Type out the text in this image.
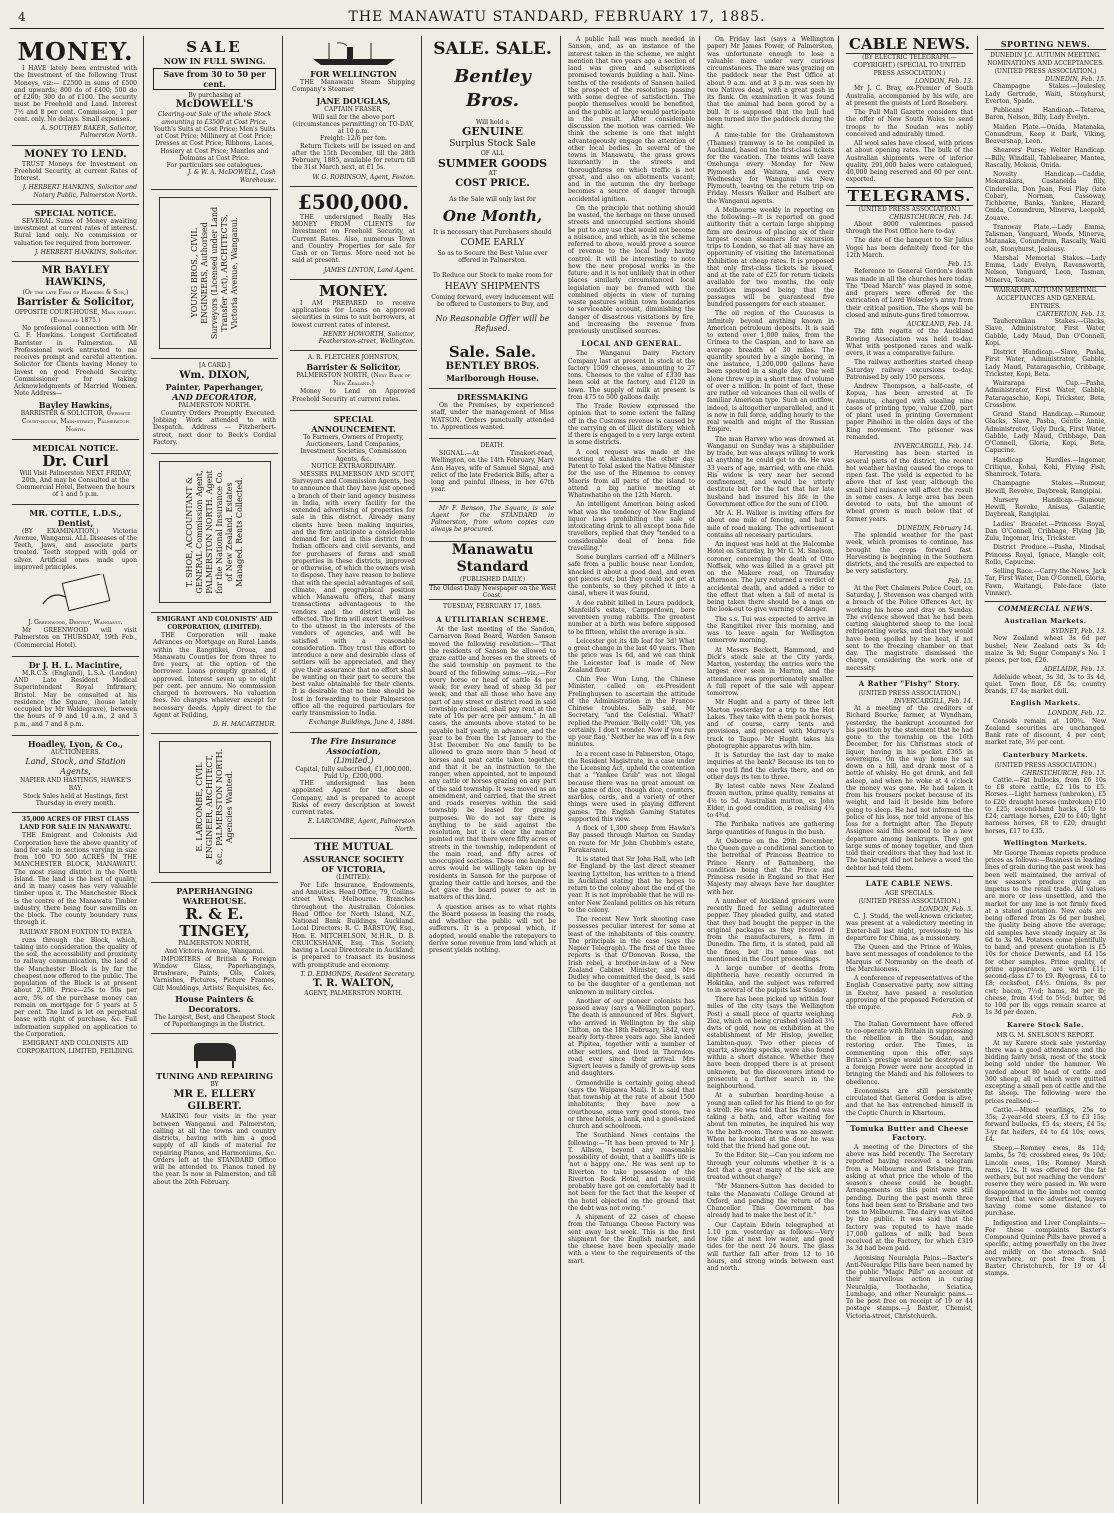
4	THE MANAWATU STANDARD, FEBRUARY 17, 1885.
MONEY.

I HAVE lately been entrusted with the Investment of the following Trust Moneys, viz:— £2500 in sums of £500 and upwards; 800 do of £400; 500 do of £200; 300 do of £100. The security must be Freehold and Land. Interest 7½ and 8 per cent. Commission, 1 per cent. only. No delays. Small expenses.

A. SOUTHEY BAKER, Solicitor, Palmerston North.
MONEY TO LEND.

TRUST Moneys for Investment on Freehold Security, at current Rates of Interest.

J. HERBERT HANKINS, Solicitor and Notary Public, Palmerston North.
SPECIAL NOTICE.

SEVERAL Sums of Money awaiting investment at current rates of interest. Rural land only. No commission or valuation fee required from borrower.

J. HERBERT HANKINS, Solicitor.
MR BAYLEY HAWKINS,
(Of the late Firm of Hawkins & Son,)
Barrister & Solicitor,
OPPOSITE COURT-HOUSE, Main street. (Enrolled 1875.)

No professional connection with Mr G. F. Hawkins. Longest Certificated Barrister in Palmerston. All Professional work entrusted to me receives prompt and careful attention. Solicitor for Clients having Money to Invest on good Freehold Security. Commissioner for taking Acknowledgments of Married Women. Note Address—

Bayley Hawkins,
BARRISTER & SOLICITOR, Opposite Court-house, Main-street, Palmerston North.
MEDICAL NOTICE.
Dr. Curl
Will Visit Palmerston NEXT FRIDAY, 20th, And may be Consulted at the Commercial Hotel, Between the hours of 1 and 5 p.m.
MR. COTTLE, L.D.S.,
Dentist,

(BY EXAMINATION,) Victoria Avenue, Wanganui. ALL Diseases of the Teeth, Jaws, and associate parts treated. Teeth stopped with gold or silver. Artificial ones made upon improved principles.

J. Greenwood, Dentist, Wanganui.

Mr GREENWOOD will visit Palmerston on THURSDAY, 19th Feb., (Commercial Hotel).

Dr J. H. L. Macintire,

M.R.C.S. (England), L.S.A. (London) AND Late Resident Medical Superintendent Royal Infirmary, Bristol. May be consulted at his residence, the Square, (house lately occupied by Mr Waldegrave), between the hours of 9 and 10 a.m., 2 and 3 p.m., and 7 and 8 p.m.

Hoadley, Lyon, & Co.,
AUCTIONEERS.
Land, Stock, and Station Agents,
NAPIER AND HASTINGS, HAWKE'S BAY.
Stock Sales held at Hastings, first Thursday in every month.
35,000 ACRES OF FIRST CLASS LAND FOR SALE IN MANAWATU.

THE Emigrant and Colonists Aid Corporation have the above quantity of land for sale in sections varying in size from 100 TO 500 ACRES IN THE MANCHESTER BLOCK, MANAWATU. The most rising district in the North Island. The land is the best of quality, and in many cases has very valuable timber upon it. The Manchester Block is the centre of the Manawatu Timber industry, there being four sawmills on the block. The county boundary runs through it.

RAILWAY FROM FOXTON TO PATEA

runs through the Block, which, taking into consideration the quality of the soil, the accessibility and proximity to railway communication, the land of the Manchester Block is by far the cheapest now offered to the public. The population of the Block is at present about 2,500. Price—25s to 50s per acre, 5% of the purchase money can remain on mortgage for 5 years at 5 per cent. The land is let on perpetual lease with right of purchase, &c. Full information supplied on application to the Corporation.

EMIGRANT AND COLONISTS AID CORPORATION, LIMITED, FEILDING.
SALE
NOW IN FULL SWING.
Save from 30 to 50 per cent.
By purchasing at
McDOWELL'S
Clearing-out Sale of the whole Stock amounting to £3500 at Cost Price.
Youth's Suits at Cost Price; Men's Suits at Cost Price; Millinery at Cost Price; Dresses at Cost Price; Ribbons, Laces, Hosiery at Cost Price; Mantles and Dolmans at Cost Price.
For particulars see catalogues.
J. & W. A. McDOWELL, Cash Warehouse.
YOUNG BROS., CIVIL ENGINEERS, Authorised Surveyors (Licensed under Land Transfer Act), ARCHITECTS, Victoria Avenue, Wanganui.
[A CARD.]
Wm. DIXON,
Painter, Paperhanger,
AND DECORATOR,
PALMERSTON NORTH.

Country Orders Promptly Executed. Jobbing Work attended to with Despatch. Address — Fitzherbert-street, next door to Beck's Cordial Factory.

T. SHOE, ACCOUNTANT & GENERAL Commission Agent, PALMERSTON NORTH. Agent for the National Insurance Co. of New Zealand. Estates Managed. Rents Collected.
EMIGRANT AND COLONISTS' AID CORPORATION, (LIMITED).

THE Corporation will make Advances on Mortgage on Rural Lands within the Rangitikei, Oroua, and Manawatu Counties for from three to five years, at the option of the borrower. Loans promptly granted, if approved. Interest seven up to eight per cent. per annum. No commission charged to borrowers. No valuation fees. No charges whatever except for necessary deeds. Apply direct to the Agent at Feilding,

D. H. MACARTHUR.
E. LARCOMBE, CIVIL ENGINEER, ARCHITECT, &c., PALMERSTON NORTH. Agencies Wanted.
PAPERHANGING
WAREHOUSE.
R. & E. TINGEY,
PALMERSTON NORTH,
And Victoria Avenue, Wanganui.

IMPORTERS of British & Foreign Window Glass, Paperhangings, Brushware, Paints, Oils, Colors, Varnishes, Pictures, Picture Frames, Gilt Mouldings, Artists' Requisites, &c.

House Painters & Decorators.
The Largest, Best, and Cheapest Stock of Paperhangings in the District.
TUNING AND REPAIRING
BY
MR E. ELLERY GILBERT.

MAKING four visits in the year between Wanganui and Palmerston, calling at all the towns and country districts, having with him a good supply of all kinds of material for repairing Pianos, and Harmoniums, &c. Orders left at the STANDARD Office will be attended to. Pianos tuned by the year. Is now in Palmerston, and till about the 20th February.

FOR WELLINGTON

THE Manawatu Steam Shipping Company's Steamer

JANE DOUGLAS,
CAPTAIN FRASER,
Will sail for the above port (circumstances permitting) on TO-DAY, at 10 p.m.
Freight: 12/6 per ton.

Return Tickets will be issued on and after the 15th December, till the 28th February, 1885, available for return till the 31st March next, at £1 5s.

W. G. ROBINSON, Agent, Foxton.
£500,000.

THE undersigned Really Has MONEY FROM CLIENTS for Investment on Freehold Security, at Current Rates. Also, numerous Town and Country Properties for sale for Cash or on Terms. More need not be said at present.

JAMES LINTON, Land Agent.
MONEY.

I AM PREPARED to receive applications for Loans on approved securities in sums to suit borrowers, at lowest current rates of interest.

HENRY HOWORTH, Solicitor, Featherston-street, Wellington.
A. R. FLETCHER JOHNSTON,
Barrister & Solicitor,
PALMERSTON NORTH, (Next Bank of New Zealand.)

Money to Lend on Approved Freehold Security at current rates.

SPECIAL ANNOUNCEMENT.
To Farmers, Owners of Property, Auctioneers, Land Companies, Investment Societies, Commission Agents, &c.
NOTICE EXTRAORDINARY.

MESSRS PALMERSON AND SCOTT, Surveyors and Commission Agents, beg to announce that they have just opened a branch of their land agency business in India, with every facility for the extended advertising of properties for sale in this district. Already many clients have been making inquiries, and the firm anticipate a considerable demand for land in this district from Indian officers and civil servants, and for purchasers of farms and small properties in these districts, improved or otherwise, of which the owners wish to dispose. They have reason to believe that with the special advantages of soil, climate, and geographical position which Manawatu offers, that many transactions advantageous to the vendors and the district will be effected. The firm will exert themselves to the utmost in the interests of the vendors of agencies, and will be satisfied with a reasonable consideration. They trust this effort to introduce a new and desirable class of settlers will be appreciated, and they give their assurance that no effort shall be wanting on their part to secure the best value obtainable for their clients. It is desirable that no time should be lost in forwarding to their Palmerston office all the required particulars for early transmission to India.

Exchange Buildings, June 4, 1884.
The Fire Insurance Association,
(Limited.)
Capital, fully subscribed, £1,000,000. Paid Up, £200,000.

THE undersigned has been appointed Agent for the above Company, and is prepared to accept Risks of every description at lowest current rates.

E. LARCOMBE, Agent, Palmerston North.
THE MUTUAL
ASSURANCE SOCIETY
OF VICTORIA,
(LIMITED).

For Life Insurance, Endowments, and Annuities. Head Office, 79, Collins-street West, Melbourne. Branches throughout the Australian Colonies. Head Office for North Island, N.Z., National Bank Buildings, Auckland. Local Directors: R. C. BARSTOW, Esq., Hon. E. MITCHELSON, M.H.R., D. B. CRUICKSHANK, Esq. This Society, having a Local Directorate in Auckland, is prepared to transact its business with promptitude and economy.

T. D. EDMONDS, Resident Secretary.
T. R. WALTON,
AGENT, PALMERSTON NORTH.
SALE. SALE.
Bentley Bros.
Will hold a
GENUINE
Surplus Stock Sale
OF ALL
SUMMER GOODS
AT
COST PRICE.
As the Sale will only last for
One Month,
It is necessary that Purchasers should
COME EARLY
So as to Secure the Best Value ever offered in Palmerston.
To Reduce our Stock to make room for
HEAVY SHIPMENTS
Coming forward, every inducement will be offered to Customers to Buy, and
No Reasonable Offer will be Refused.
Sale. Sale.
BENTLEY BROS.
Marlborough House.
DRESSMAKING

On the Premises, by experienced staff, under the management of Miss WATSON. Orders punctually attended to. Apprentices wanted.

DEATH.

SIGNAL.—At Tinakori-road, Wellington, on the 14th February, Mary Ann Hayes, wife of Samuel Signal, and relict of the late Frederick Bills, after a long and painful illness, in her 67th year.

Mr F. Benson, The Square, is sole Agent for the STANDARD in Palmerston, from whom copies can always be procured.

Manawatu Standard
(PUBLISHED DAILY.)
The Oldest Daily Newspaper on the West Coast.
TUESDAY, FEBRUARY 17, 1885.
A UTILITARIAN SCHEME.

At the last meeting of the Sandon, Carnarvon Road Board, Warden Sanson moved the following resolution:—"That the residents of Sanson be allowed to graze cattle and horses on the streets of the said township on payment to the board of the following sums:—viz.:—For every horse or head of cattle 4s per week; for every head of sheep 3d per week, and that all those who have any part of any street or district road in said township enclosed, shall pay rent at the rate of 10s per acre per annum." In all cases, the amounts above stated to be payable half yearly, in advance, and the year to be from the 1st January to the 31st December. No one family to be allowed to graze more than 5 head of horses and neat cattle taken together, and that it be an instruction to the ranger, when appointed, not to impound any cattle or horses grazing on any part of the said township. It was moved as an amendment, and carried, that the street and roads reserves within the said township be leased for grazing purposes. We do not say there is anything to be said against the resolution, but it is clear the matter pointed out that there were fifty acres of streets in the township, independent of the main road, and fifty acres of unoccupied sections. These one hundred acres would be willingly taken up by residents in Sanson for the purpose of grazing their cattle and horses, and the Act gave the board power to act in matters of this kind.

A question arises as to what rights the Board possess in leasing the roads, and whether the public will not be sufferers. It is a proposal which, if adopted, would enable the ratepayers to derive some revenue from land which at present yields nothing.

A public hall was much needed in Sanson, and, as an instance of the interest taken in the scheme, we might mention that two years ago a section of land was given and subscriptions promised towards building a hall. Nine-tenths of the residents of Sanson hailed the prospect of the resolution passing with some degree of satisfaction. The people themselves would be benefited, and the public at large would participate in the result. After considerable discussion the motion was carried. We think the scheme is one that might advantageously engage the attention of other local bodies. In several of the towns in Manawatu, the grass grows luxuriantly in the streets and thoroughfares on which traffic is not great, and also on allotments vacant; and in the autumn the dry herbage becomes a source of danger through accidental ignition.

On the principle that nothing should be wasted, the herbage on these unused streets and unoccupied sections should be put to any use that would not become a nuisance, and which, as in the scheme referred to above, would prove a source of revenue to the local body having control. It will be interesting to note how the new proposal works in the future; and it is not unlikely that in other places similarly circumstanced local legislation may be framed with the combined objects in view of turning waste pastures within town boundaries to serviceable account, diminishing the danger of disastrous visitations by fire, and increasing the revenue from previously unutilised sources.

LOCAL AND GENERAL.

The Wanganui Dairy Factory Company last at present in stock at the factory 1509 cheeses, amounting to 27 tons. Cheeses to the value of £330 has been sold at the factory, and £120 in town. The supply of milk at present is from 475 to 500 gallons daily.

The Trade Review expressed the opinion that to some extent the falling off in the Customs revenue is caused by the carrying on of illicit distillery, which if there is engaged to a very large extent in some districts.

A cool request was made at the meeting at Alexandra the other day. Patent to Tolal asked the Native Minister for the use of the Hinemoa to convey Maoris from all parts of the island to attend a big native meeting at Whatiwhatiho on the 12th March.

An intelligent American being asked what was the tendency of New England liquor laws prohibiting the sale of intoxicating drink to all except bona fide travellers, replied that they "tended to a considerable deal of bona fide travelling."

Some burglars carried off a Millner's safe from a public house near London, knocked it about a good deal, and even got pieces out; but they could not get at the contents, so they pitched it into a canal, where it was found.

A doe rabbit killed in Leura paddock, Manfeild's estate, Camperdown, bore seventeen young rabbits. The greatest number at a birth was before supposed to be fifteen, whilst the average is six.

Leicester got its 4lb loaf for 3d! What a great change in the last 40 years. Then the price was 1s 6d, and we can think the Leicester loaf is made of New Zealand flour.

Chin Fee Wun Lung, the Chinese Minister, called on ex-President Frelinghuysen to ascertain the attitude of the Administration in the Franco-Chinese troubles. Sally said, Mr Secretary, "and the Celestial. 'What?' replied the Premier. 'Belly cold!' 'Oh, yes certainly. I don't wonder. Now if you run up your flag.' Neither he was off in a few minutes.

In a recent case in Palmerston, Otago, the Resident Magistrate, in a case under the Licensing Act, upheld the contention that a "Yankee Grub" was not illegal because there was no great amount on the game of dice, though dice, counters, marbles, cards, and a variety of other things were used in playing different games. The English Gaming Statutes supported this view.

A flock of 1,300 sheep from Hawke's Bay passed through Marton on Sunday en route for Mr John Chubbin's estate, Parakaranui.

It is stated that Sir John Hall, who left for England by the last direct steamer leaving Lyttelton, has written to a friend in Auckland stating that he hopes to return to the colony about the end of the year. It is not improbable that he will re-enter New Zealand politics on his return to the colony.

The recent New York shooting case possesses peculiar interest for some at least of the inhabitants of this country. The principals in the case (says the Napier Telegraph). The first of the three reports is that O'Donovan Rossa, the Irish rebel, a brother-in-law of a New Zealand Cabinet Minister, and Mrs Dudley who committed the deed, is said to be the daughter of a gentleman not unknown in military circles.

Another of our pioneer colonists has passed away (says a Wellington paper). The death is announced of Mrs. Sigvert, who arrived in Wellington by the ship Clifton, on the 18th February, 1842, very nearly forty-three years ago. She landed at Pipitea, together with a number of other settlers, and lived in Thorndon-road ever since their arrival. Mrs Sigvert leaves a family of grown-up sons and daughters.

Ormondville is certainly going ahead (says the Waipawa Mail). It is said that that township at the rate of about 1500 inhabitants; they have now a courthouse, some very good stores, two or three hotels, a bank, and a good-sized church and schoolroom.

The Southland News contains the following:—"It has been proved to Mr J. T. Allison, beyond any reasonable possibility of doubt, that a bailiff's life is 'not a happy one.' He was sent up to Riverton to take possession of the Riverton Rock Hotel, and he would probably have got on comfortably had it not been for the fact that the keeper of the hotel objected on the ground that the debt was not owing."

A shipment of 22 cases of cheese from the Tatuanga Cheese Factory was sent away last week. This is the first shipment for the English market, and the cheese have been specially made with a view to the requirements of the mart.

On Friday last (says a Wellington paper) Mr James Power, of Palmerston, was unfortunate enough to lose a valuable mare under very curious circumstances. The mare was grazing on the paddock near the Post Office at about 9 a.m. and at 3 p.m. was seen by two Natives dead, with a great gash in its flank. On examination it was found that the animal had been gored by a bull. It is supposed that the bull had been turned into the paddock during the night.

A time-table for the Grahamstown (Thames) tramway is to be compiled in Auckland, based on the first-class tickets for the vacation. The teams will leave Onehunga every Monday for New Plymouth and Waitara, and every Wednesday for Wanganui via New Plymouth, leaving on the return trip on Friday. Messrs Walker and Halbert are the Wanganui agents.

A Melbourne weekly in reporting on the following:—It is reported on good authority that a certain large shipping firm are desirous of placing six of their largest ocean steamers for excursion trips to London, so that all may have an opportunity of visiting the International Exhibition at cheap rates. It is proposed that only first-class tickets be issued, and at the rate of £25 for return tickets available for two months, the only condition imposed being that the passages will be guaranteed five hundred passengers for each steamer.

The oil region of the Caucasus is infinitely beyond anything known in American petroleum deposits. It is said to extend over 1,000 miles, from the Crimea to the Caspian, and to have an average breadth of 30 miles. The quantity spouted by a single boring, in one instance, 1,200,000 gallons have been spouted in a single day. One well alone threw up in a short time of volume of over a million. In point of fact, these are rather oil volcanoes than oil wells of familiar American type. Such an outflow, indeed, is altogether unparalleled, and it is now in full force, adding hourly to the real wealth and might of the Russian Empire.

The man Harvey who was drowned at Wanganui on Sunday was a shipbuilder by trade, but was always willing to work at anything he could get to do. He was 33 years of age, married, with one child. His widow is very near her second confinement, and would be utterly destitute but for the fact that her late husband had insured his life in the Government office for the sum of £100.

Mr A. H. Walker is inviting offers for about one mile of fencing, and half a mile of road making. The advertisement contains all necessary particulars.

An inquest was held at the Halcombe Hotel on Saturday, by Mr G. M. Snelson, coroner, concerning the death of Otto Noffsek, who was killed in a gravel pit on the Makere road, on Thursday afternoon. The jury returned a verdict of accidental death, and added a rider to the effect that when a fall of metal is being taken there should be a man on the look-out to give warning of danger.

The s.s. Tui was expected to arrive in the Rangitikei river this morning, and was to leave again for Wellington tomorrow morning.

At Messrs Beckett, Hammond, and Dick's stock sale at the City yards, Marton, yesterday, the entries were the largest ever seen in Marton, and the attendance was proportionately smaller. A full report of the sale will appear tomorrow.

Mr Hught and a party of three left Marton yesterday for a trip to the Hot Lakes. They take with them pack horses, and of course, carry tents and provisions, and proceed with Murray's track to Taupo. Mr Hught takes his photographic apparatus with him.

It is Saturday the last day to make inquiries at the bank? Because its ten to one you'll find the clerks there, and on other days its ten to three.

By latest cable news New Zealand frozen mutton, prime quality, remains at 4½ to 5d. Australian mutton, ex John Elder, in good condition, is realising 4¼ to 4¾d.

The Parihaka natives are gathering large quantities of fungus in the bush.

At Osborne on the 29th December, the Queen gave a conditional sanction to the betrothal of Princess Beatrice to Prince Henry of Battenberg, the condition being that the Prince and Princess reside in England so that Her Majesty may always have her daughter with her.

A number of Auckland grocers were recently fined for selling adulterated pepper. They pleaded guilty, and stated that they had bought the pepper in the original packages as they received it from the manufacturers, a firm in Dunedin. The firm, it is stated, paid all the fines, but its name was not mentioned in the Court proceedings.

A large number of deaths from diphtheria have recently occurred in Hokitika, and the subject was referred to in several of the pulpits last Sunday.

There has been picked up within four miles of the city (says the Wellington Post) a small piece of quartz weighing 2loz, which on being crushed yielded 3¼ dwts of gold, now on exhibition at the establishment of Mr Hislop, jeweller, Lambton-quay. Two other pieces of quartz, showing specks, were also found within a short distance. Whether they have been dropped there is at present unknown, but the discoverers intend to prosecute a further search in the neighbourhood.

At a suburban boarding-house a young man called for his friend to go for a stroll. He was told that his friend was taking a bath, and, after waiting for about ten minutes, he inquired his way to the bath-room. There was no answer. When he knocked at the door he was told that the friend had gone out.

To the Editor. Sir,—Can you inform me through your columns whether it is a fact that a great many of the sick are treated without charge?

"Mr Manners-Sutton has decided to take the Manawatu College Ground at Oxford, and pending the return of the Chancellor. This Government has already had to make the best of it."

Our Captain Edwin telegraphed at 1.10 p.m. yesterday as follows:—Very low tide at next low water, and good tides for the next 24 hours. The glass will further fall after from 12 to 16 hours, and strong winds between east and north.

CABLE NEWS.
(BY ELECTRIC TELEGRAPH.—COPYRIGHT.) (SPECIAL TO UNITED PRESS ASSOCIATION.)
LONDON, Feb. 13.

Mr J. C. Bray, ex-Premier of South Australia, accompanied by his wife, are at present the guests of Lord Rosebery.

The Pall Mall Gazette considers that the offer of New South Wales to send troops to the Soudan was nobly conceived and admirably timed.

All wool sales have closed, with prices at about opening rates. The bulk of the Australian shipments were of inferior quality. 291,000 bales were catalogued, 40,000 being reserved and 60 per cent. exported.

TELEGRAMS.
(UNITED PRESS ASSOCIATION.)
CHRISTCHURCH, Feb. 14.

About 8000 valentines passed through the Post Office here to-day.

The date of the banquet to Sir Julius Vogel has been definitely fixed for the 12th March.

Feb. 15.

Reference to General Gordon's death was made in all the churches here today. The "Dead March" was played in some, and prayers were offered for the extrication of Lord Wolseley's army from their critical position. The shops will be closed and minute-guns fired tomorrow.

AUCKLAND, Feb. 14.

The fifth regatta of the Auckland Rowing Association was held to-day. What with postponed races and walk-overs, it was a comparative failure.

The railway authorities started cheap Saturday railway excursions to-day. Patronised by only 150 persons.

Andrew Thompson, a half-caste, of Kopua, has been arrested at Te Awamutu, charged with stealing nine cases of printing type, value £200, part of plant used in printing Government paper Pihoihoi in the olden days of the King movement. The prisoner was remanded.

INVERCARGILL, Feb. 14.

Harvesting has been started in several parts of the district, the recent hot weather having caused the crops to ripen fast. The yield is expected to be above that of last year, although the small bird nuisance will affect the result in some cases. A large area has been devoted to oats, but the amount of wheat grown is much below that of former years.

DUNEDIN, February 14.

The splendid weather for the past week, which promises to continue, has brought the crops forward fast. Harvesting is beginning in the Southern districts, and the results are expected to be very satisfactory.

Feb. 15.

At the Port Chalmers Police Court, on Saturday, J. Stevenson was charged with a breach of the Police Offences Act, by working his horse and dray on Sunday. The evidence showed that he had been carting slaughtered sheep to the local refrigerating works, and that they would have been spoiled by the heat, if not sent to the freezing chamber on that day. The magistrate dismissed the charge, considering the work one of necessity.

A Rather "Fishy" Story.
(UNITED PRESS ASSOCIATION.)
INVERCARGILL, Feb. 14.

At a meeting of the creditors of Richard Bourke, farmer, at Wyndham, yesterday, the bankrupt accounted for his position by the statement that he had gone to the township on the 16th December, for his Christmas stock of liquor, having in his pocket £365 in sovereigns. On the way home he sat down on a hill, and drank most of a bottle of whisky. He got drunk, and fell asleep, and when he woke at 4 o'clock the money was gone. He had taken it from his trousers pocket because of its weight, and laid it beside him before going to sleep. He had not informed the police of his loss, nor told anyone of his loss for a fortnight after. The Deputy Assignee said this seemed to be a new departure among bankrupts. They got large sums of money together, and then told their creditors that they had lost it. The bankrupt did not believe a word the debtor had told them.

LATE CABLE NEWS.
AGE SPECIALS.
(UNITED PRESS ASSOCIATION.)
LONDON, Feb. 5.

C. J. Studd, the well-known cricketer, was present at a valedictory meeting in Exeter-hall last night, previously to his departure for China, as a missionary.

The Queen and the Prince of Wales, have sent messages of condolence to the Marquis of Normanby on the death of the Marchioness.

A conference of representatives of the English Conservative party, now sitting in Exeter, have passed a resolution approving of the proposed Federation of the empire.

Feb. 9.

The Italian Government have offered to co-operate with Britain in suppressing the rebellion in the Soudan, and restoring order. The Times, in commenting upon this offer, says Britain's prestige would be destroyed if a foreign Power were now accepted in bringing the Mahdi and his followers to obedience.

Economists are still persistently circulated that General Gordon is alive, and that he has entrenched himself in the Coptic Church in Khartoum.

Tomuka Butter and Cheese Factory.

A meeting of the Directors of the above was held recently. The Secretary reported having received a telegram from a Melbourne and Brisbane firm, asking at what price the whole of the season's cheese could be bought. Arrangements on this point were still pending. During the past month three tons had been sent to Brisbane and two tons to Melbourne. The dairy was visited by the public. It was said that the factory was reputed to have made 17,000 gallons of milk had been received at the Factory, for which £319 3s 3d had been paid.

Agonising Neuralgia Pains.—Baxter's Anti-Neuralgic Pills have been named by the public "Magic Pills" on account of their marvellous action in curing Neuralgia, Toothache, Sciatica, Lumbago, and other Neuralgic pains.—To be post free on receipt of 19 or 44 postage stamps.—J. Baxter, Chemist, Victoria-street, Christchurch.

SPORTING NEWS.
DUNEDIN J.C. AUTUMN MEETING.
NOMINATIONS AND ACCEPTANCES.
(UNITED PRESS ASSOCIATION.)
DUNEDIN, Feb. 15.

Champagne Stakes.—Joulesley, Lady Gertrude, Waiti, Stonyhurst, Everton, Spade.

Publicans' Handicap.—Tetaroa, Baron, Nelson, Billy, Lady Evelyn.

Maiden Plate.—Onida, Matanaka, Conundrum, Keep it Dark, Viking, Beaversnap, Leon.

Shearers' Purse; Welter Handicap.—Billy, Windfall, Tablebearer, Mantea, Rascally, Mokoia, Onida.

Novelty Handicap.—Caddie, Mokarakara, Castaneida filly, Cinderella, Don Juan, Foul Play (late Cobar), Norman, Cassoway, Tichborne, Banks, Yankee, Hazard, Onida, Conundrum, Minerva, Leopold, Zouave.

Tramway Plate.—Lady Emma, Talisman, Vanguard, Woods, Minerva, Matanaka, Conundrum, Rascally, Waiti colt, Stonyhurst, Jealousy.

Marshal Memorial Stakes.—Lady Emma, Lady Evelyn, Ravensworth, Nelson, Vanguard, Leon, Tasman, Minerva, Totara.

WAIRARAPA AUTUMN MEETING.
ACCEPTANCES AND GENERAL ENTRIES.
CARTERTON, Feb. 13.

Tauherenikau Stakes.—Glacks, Slave, Administrator, First Water, Gabble, Lady Maud, Dan O'Connell, Kopi.

District Handicap.—Slave, Pasha, First Water, Administrator, Gabble, Lady Maud, Pataragaschio, Cribbage, Trickster, Kopi, Beta.

Wairarapa Cup.—Pasha, Administrator, First Water, Gabble, Pataragaschio, Kopi, Trickster, Beta, Crossbow.

Grand Stand Handicap.—Rumour, Glacks, Slave, Pasha, Gentle Annie, Administrator, Ugly Duck, First Water, Gabble, Lady Maud, Cribbage, Dan O'Connell, Gloria, Kopi, Beta, Capucine.

Handicap Hurdles.—Ingomar, Critique, Kohai, Kohi, Flying Fish, Shamrock, Totara.

Champagne Stakes.—Rumour, Hewill, Revolve, Daybreak, Rangipiai.

Nursery Handicap.—Rumour, Hewill, Revoke, Anisus, Galantie, Daybreak, Rangipiai.

Ladies' Bracelet.—Princess Royal, Dan O'Connell, Cribbage, Flying Jib, Zulu, Ingomar, Iris, Trickster.

District Produce.—Pasha, Mindsal, Princess Royal, Ignace, Mangle colt, Rollo, Capucine.

Selling Race.—Carry-the-News, Jack Tar, First Water, Dan O'Connell, Gloria, Fawn, Waitangi, Pale-face (late Vinnier).

COMMERCIAL NEWS.
Australian Markets.
SYDNEY, Feb. 13.

New Zealand wheat 3s 6d per bushel; New Zealand oats 3s 4d; maize 3s 9d; Sugar Company's No. 1 pieces, per ton, £26.

ADELAIDE, Feb. 13.

Adelaide wheat, 3s 3d, 3s to 3s 4d, quiet. Town flour, £8 5s; country brands, £7 4s; market dull.

English Markets.
LONDON, Feb. 12.

Consols remain at 100¾. New Zealand securities are unchanged. Bank rate of discount, 4 per cent; market rate, 3½ per cent.

Canterbury Markets.
(UNITED PRESS ASSOCIATION.)
CHRISTCHURCH, Feb. 13.

Cattle.—Fat bullocks, from £6 10s to £8 store cattle, £2 10s to £5. Horses.—Light harness (unbroken), £5 to £20; draught horses (unbroken) £10 to £25; second-hand hacks, £10 to £24; carriage horses, £20 to £40; light harness horses, £8 to £20; draught horses, £17 to £35.

Wellington Markets.

Mr George Thomas reports produce prices as follows:—Business in leading lines of grain during the past week has been well maintained, the arrival of new season's produce giving an impetus to the retail trade. All values are more or less unsettled, and the market for any line is not firmly fixed at a stated quotation. New oats are being offered from 2s 6d per bushel, the quality being above the average; old samples have steady inquiry at 3s 6d to 3s 9d. Potatoes come plentifully to hand, and present quotation is £5 10s for choice Derwents, and £4 15s for other samples. Prime quality, of prime appearance, are worth £11; second-class £7 to £9. Ryegrass, £4 to £8; cocksfoot, £4½. Onions, 8s per cwt; bacon, 7½d; hams, 8d per lb; cheese, from 4½d to 5½d; butter, 9d to 10d per lb; eggs remain scarce at 1s 3d per dozen.

Karere Stock Sale.
MR G. M. SNELSON'S REPORT.

At my Karere stock sale yesterday there was a good attendance and the bidding fairly brisk, most of the stock being sold under the hammer. We yarded about 80 head of cattle and 300 sheep, all of which were quitted excepting a small pen of cattle and the fat sheep. The following were the prices realised:—

Cattle.—Mixed yearlings, 25s to 35s; 2-year-old steers, £3 to £3 15s; forward bullocks, £5 4s; steers, £4 5s; 3-yr fat heifers, £4 to £4 10s; cows, £4.

Sheep.—Romney ewes, 8s 11d; lambs, 5s 7d; crossbred ewes, 9s 10d; Lincoln ewes, 10s; Romney Marsh rams, 12s. It was offered for the fat wethers, but not reaching the vendors' reserve they were passed in. We were disappointed in the lambs not coming forward that were advertised, buyers having come some distance to purchase.

Indigestion and Liver Complaints.—For these complaints Baxter's Compound Quinine Pills have proved a specific, acting powerfully on the liver and mildly on the stomach. Sold everywhere, or post free from J. Baxter, Christchurch, for 19 or 44 stamps.
